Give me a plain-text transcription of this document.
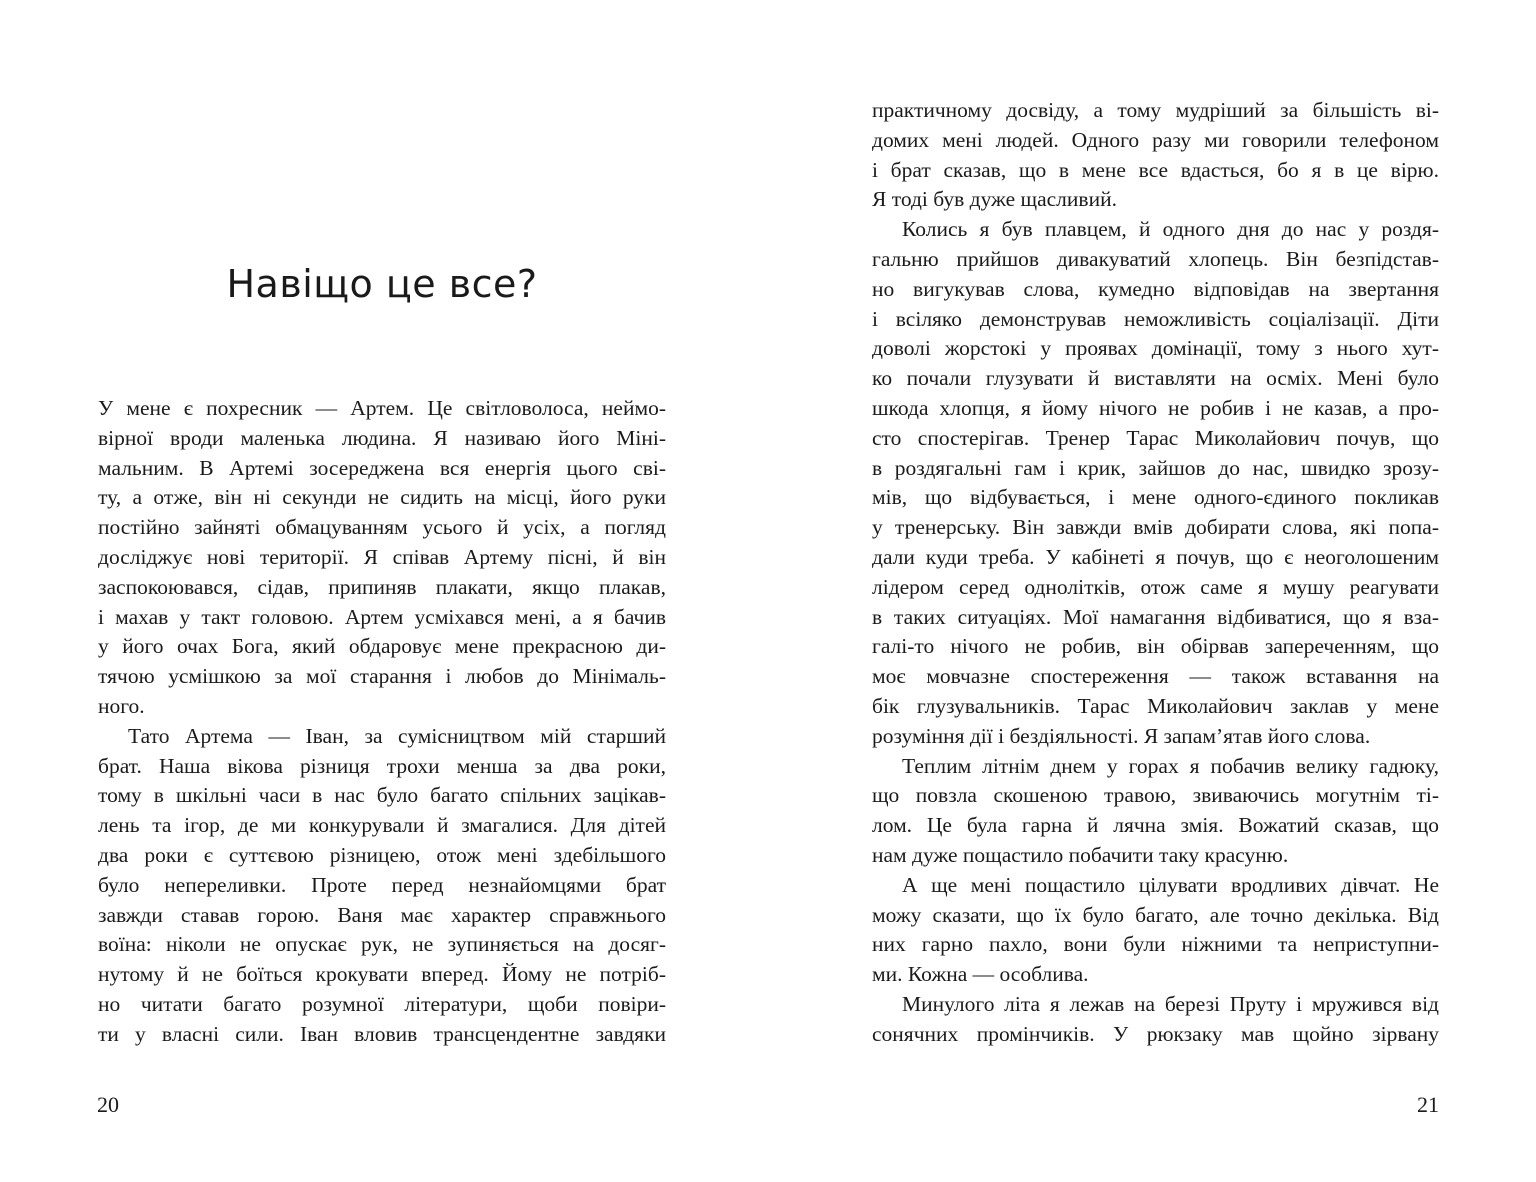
Навіщо це все?
У мене є похресник — Артем. Це світловолоса, неймо-
вірної вроди маленька людина. Я називаю його Міні-
мальним. В Артемі зосереджена вся енергія цього сві-
ту, а отже, він ні секунди не сидить на місці, його руки
постійно зайняті обмацуванням усього й усіх, а погляд
досліджує нові території. Я співав Артему пісні, й він
заспокоювався, сідав, припиняв плакати, якщо плакав,
і махав у такт головою. Артем усміхався мені, а я бачив
у його очах Бога, який обдаровує мене прекрасною ди-
тячою усмішкою за мої старання і любов до Мінімаль-
ного.
Тато Артема — Іван, за сумісництвом мій старший
брат. Наша вікова різниця трохи менша за два роки,
тому в шкільні часи в нас було багато спільних зацікав-
лень та ігор, де ми конкурували й змагалися. Для дітей
два роки є суттєвою різницею, отож мені здебільшого
було непереливки. Проте перед незнайомцями брат
завжди ставав горою. Ваня має характер справжнього
воїна: ніколи не опускає рук, не зупиняється на досяг-
нутому й не боїться крокувати вперед. Йому не потріб-
но читати багато розумної літератури, щоби повіри-
ти у власні сили. Іван вловив трансцендентне завдяки
20
практичному досвіду, а тому мудріший за більшість ві-
домих мені людей. Одного разу ми говорили телефоном
і брат сказав, що в мене все вдасться, бо я в це вірю.
Я тоді був дуже щасливий.
Колись я був плавцем, й одного дня до нас у роздя-
гальню прийшов дивакуватий хлопець. Він безпідстав-
но вигукував слова, кумедно відповідав на звертання
і всіляко демонстрував неможливість соціалізації. Діти
доволі жорстокі у проявах домінації, тому з нього хут-
ко почали глузувати й виставляти на осміх. Мені було
шкода хлопця, я йому нічого не робив і не казав, а про-
сто спостерігав. Тренер Тарас Миколайович почув, що
в роздягальні гам і крик, зайшов до нас, швидко зрозу-
мів, що відбувається, і мене одного-єдиного покликав
у тренерську. Він завжди вмів добирати слова, які попа-
дали куди треба. У кабінеті я почув, що є неоголошеним
лідером серед однолітків, отож саме я мушу реагувати
в таких ситуаціях. Мої намагання відбиватися, що я вза-
галі-то нічого не робив, він обірвав запереченням, що
моє мовчазне спостереження — також вставання на
бік глузувальників. Тарас Миколайович заклав у мене
розуміння дії і бездіяльності. Я запам’ятав його слова.
Теплим літнім днем у горах я побачив велику гадюку,
що повзла скошеною травою, звиваючись могутнім ті-
лом. Це була гарна й лячна змія. Вожатий сказав, що
нам дуже пощастило побачити таку красуню.
А ще мені пощастило цілувати вродливих дівчат. Не
можу сказати, що їх було багато, але точно декілька. Від
них гарно пахло, вони були ніжними та неприступни-
ми. Кожна — особлива.
Минулого літа я лежав на березі Пруту і мружився від
сонячних промінчиків. У рюкзаку мав щойно зірвану
21
